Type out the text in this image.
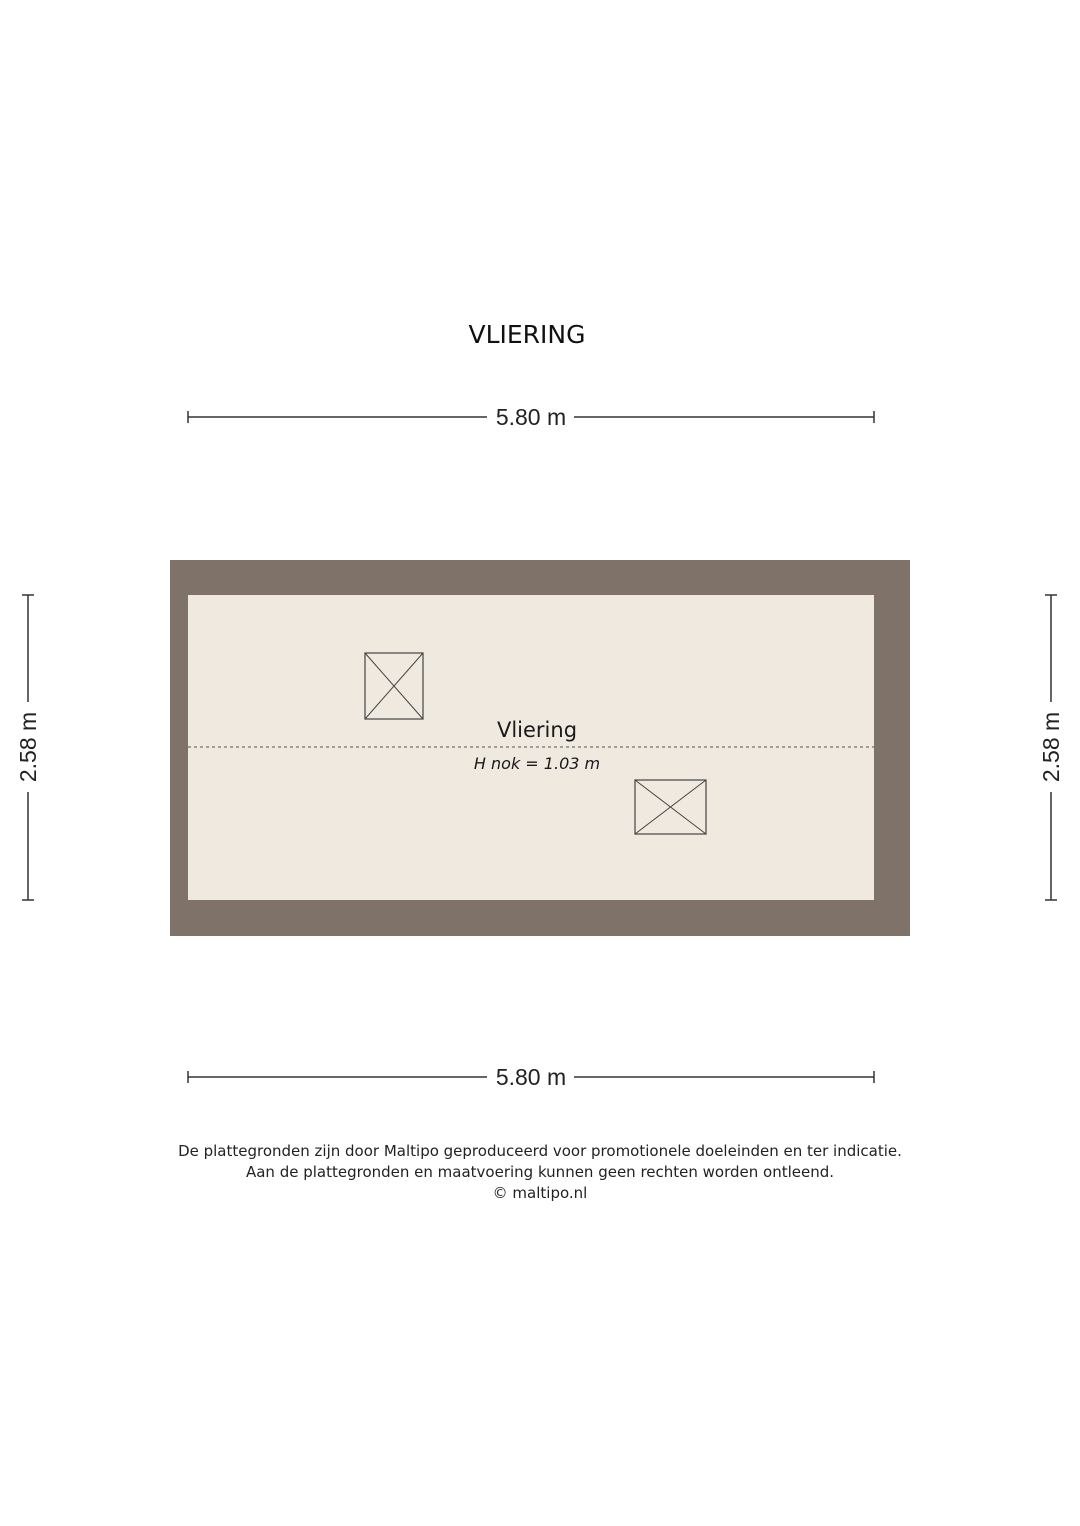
VLIERING
5.80 m
5.80 m
2.58 m	2.58 m
Vliering
H nok = 1.03 m
De plattegronden zijn door Maltipo geproduceerd voor promotionele doeleinden en ter indicatie.
Aan de plattegronden en maatvoering kunnen geen rechten worden ontleend.
© maltipo.nl
